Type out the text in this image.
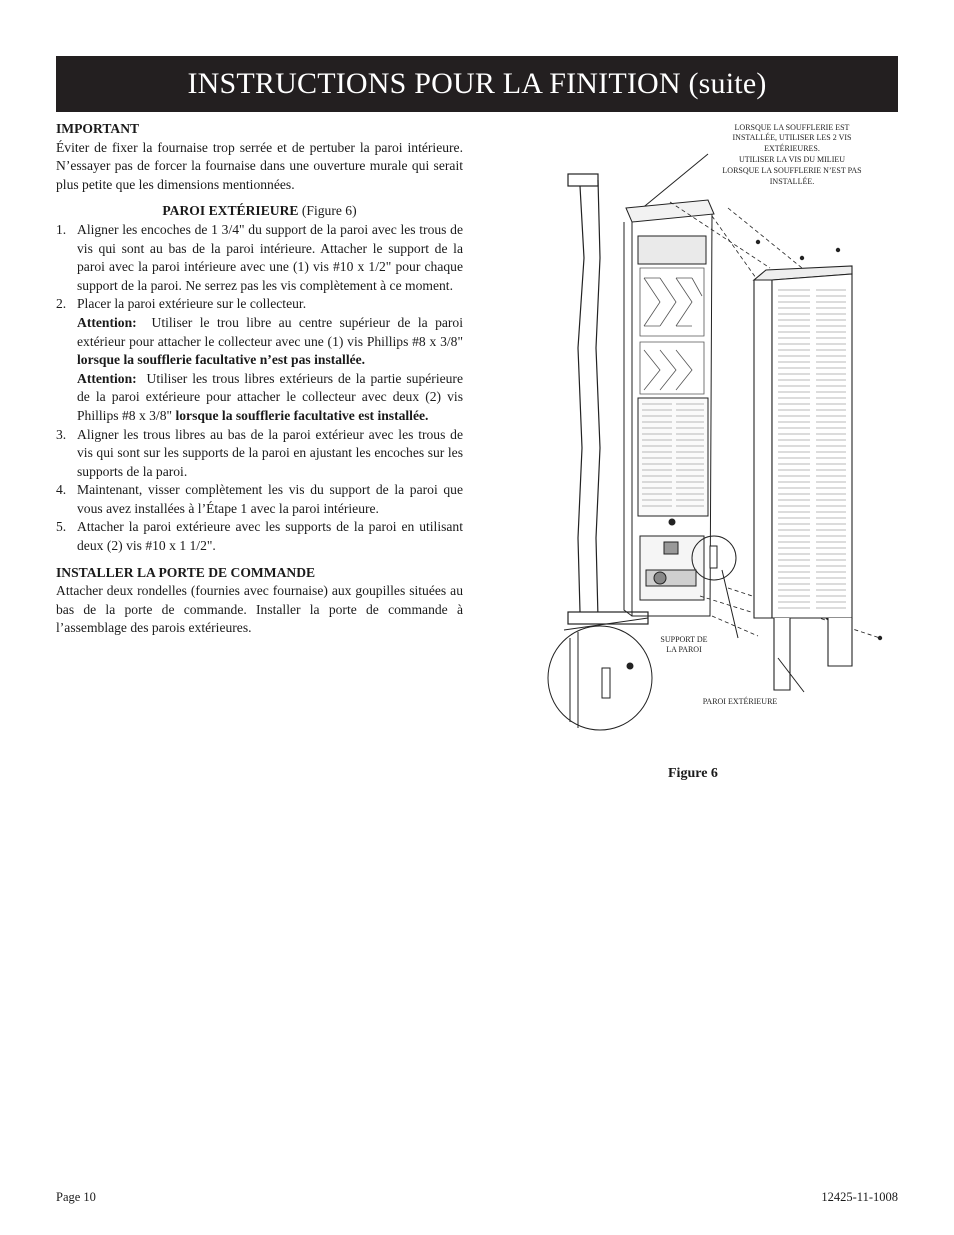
INSTRUCTIONS POUR LA FINITION (suite)

IMPORTANT

Éviter de fixer la fournaise trop serrée et de pertuber la paroi intérieure. N’essayer pas de forcer la fournaise dans une ouverture murale qui serait plus petite que les dimensions mentionnées.

PAROI EXTÉRIEURE (Figure 6)

1. Aligner les encoches de 1 3/4" du support de la paroi avec les trous de vis qui sont au bas de la paroi intérieure. Attacher le support de la paroi avec la paroi intérieure avec une (1) vis #10 x 1/2" pour chaque support de la paroi. Ne serrez pas les vis complètement à ce moment.

2. Placer la paroi extérieure sur le collecteur.

Attention: Utiliser le trou libre au centre supérieur de la paroi extérieur pour attacher le collecteur avec une (1) vis Phillips #8 x 3/8" lorsque la soufflerie facultative n’est pas installée.

Attention: Utiliser les trous libres extérieurs de la partie supérieure de la paroi extérieure pour attacher le collecteur avec deux (2) vis Phillips #8 x 3/8" lorsque la soufflerie facultative est installée.

3. Aligner les trous libres au bas de la paroi extérieur avec les trous de vis qui sont sur les supports de la paroi en ajustant les encoches sur les supports de la paroi.

4. Maintenant, visser complètement les vis du support de la paroi que vous avez installées à l’Étape 1 avec la paroi intérieure.

5. Attacher la paroi extérieure avec les supports de la paroi en utilisant deux (2) vis #10 x 1 1/2".

INSTALLER LA PORTE DE COMMANDE

Attacher deux rondelles (fournies avec fournaise) aux goupilles situées au bas de la porte de commande. Installer la porte de commande à l’assemblage des parois extérieures.

LORSQUE LA SOUFFLERIE EST
INSTALLÉE, UTILISER LES 2 VIS
EXTÉRIEURES.
UTILISER LA VIS DU MILIEU
LORSQUE LA SOUFFLERIE N’EST PAS
INSTALLÉE.
SUPPORT DE
LA PAROI
PAROI EXTÉRIEURE
Figure 6
Page 10	12425-11-1008
